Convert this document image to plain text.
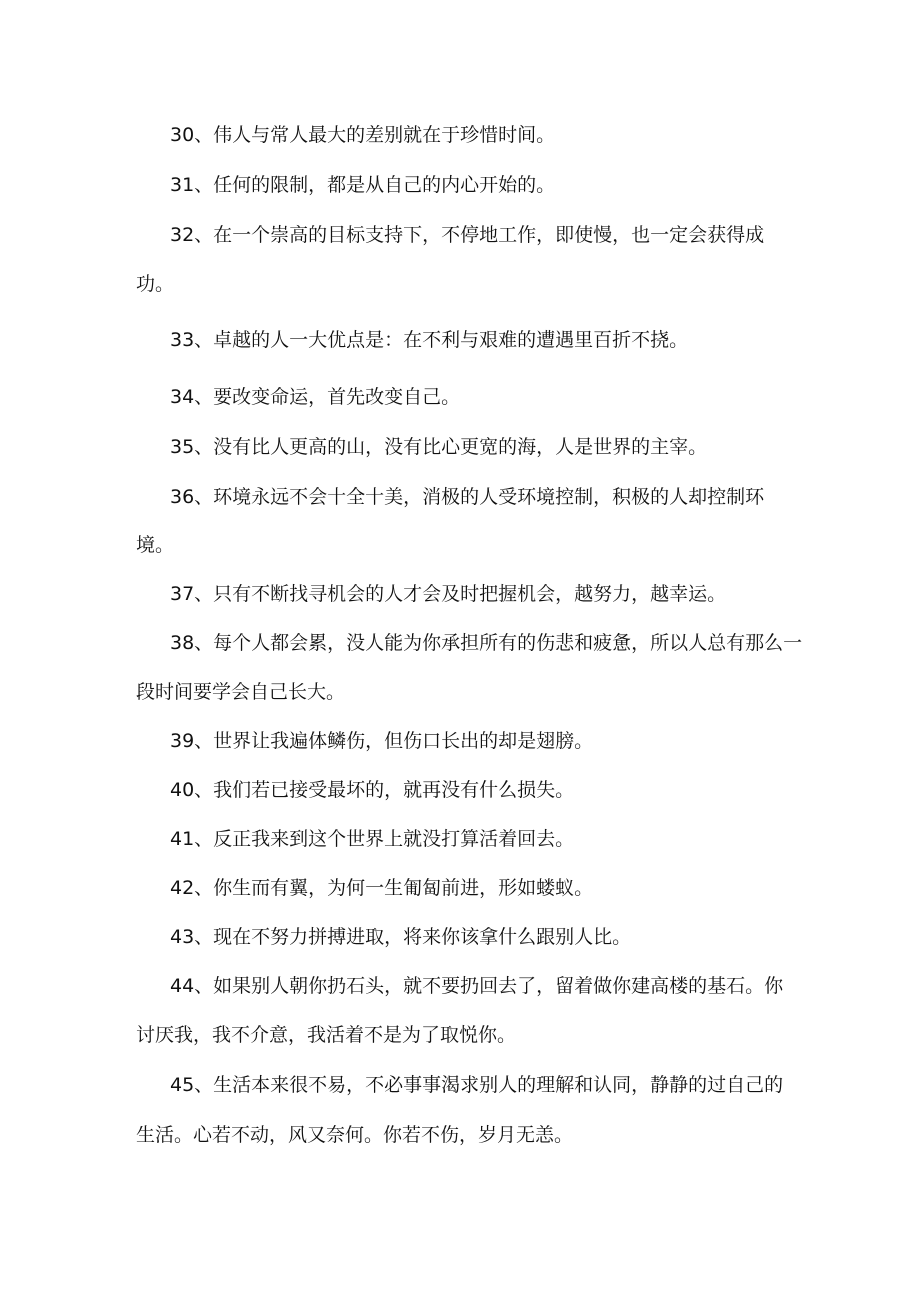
30、伟人与常人最大的差别就在于珍惜时间。
31、任何的限制，都是从自己的内心开始的。
32、在一个崇高的目标支持下，不停地工作，即使慢，也一定会获得成
功。
33、卓越的人一大优点是：在不利与艰难的遭遇里百折不挠。
34、要改变命运，首先改变自己。
35、没有比人更高的山，没有比心更宽的海，人是世界的主宰。
36、环境永远不会十全十美，消极的人受环境控制，积极的人却控制环
境。
37、只有不断找寻机会的人才会及时把握机会，越努力，越幸运。
38、每个人都会累，没人能为你承担所有的伤悲和疲惫，所以人总有那么一
段时间要学会自己长大。
39、世界让我遍体鳞伤，但伤口长出的却是翅膀。
40、我们若已接受最坏的，就再没有什么损失。
41、反正我来到这个世界上就没打算活着回去。
42、你生而有翼，为何一生匍匐前进，形如蝼蚁。
43、现在不努力拼搏进取，将来你该拿什么跟别人比。
44、如果别人朝你扔石头，就不要扔回去了，留着做你建高楼的基石。你
讨厌我，我不介意，我活着不是为了取悦你。
45、生活本来很不易，不必事事渴求别人的理解和认同，静静的过自己的
生活。心若不动，风又奈何。你若不伤，岁月无恙。
